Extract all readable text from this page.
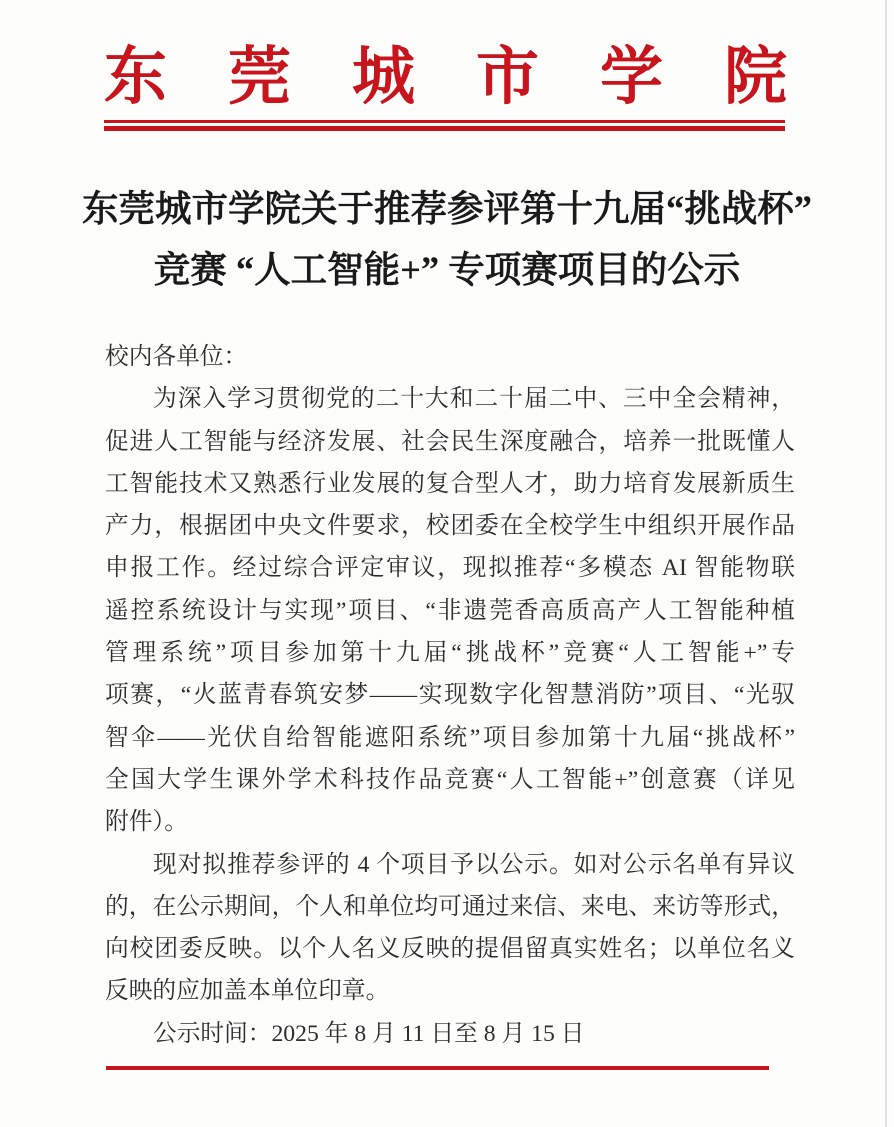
东莞城市学院
东莞城市学院关于推荐参评第十九届“挑战杯”
竞赛 “人工智能+” 专项赛项目的公示
校内各单位：
为深入学习贯彻党的二十大和二十届二中、三中全会精神，
促进人工智能与经济发展、社会民生深度融合，培养一批既懂人
工智能技术又熟悉行业发展的复合型人才，助力培育发展新质生
产力，根据团中央文件要求，校团委在全校学生中组织开展作品
申报工作。经过综合评定审议，现拟推荐“多模态 AI 智能物联
遥控系统设计与实现”项目、“非遗莞香高质高产人工智能种植
管理系统”项目参加第十九届“挑战杯”竞赛“人工智能+”专
项赛，“火蓝青春筑安梦——实现数字化智慧消防”项目、“光驭
智伞——光伏自给智能遮阳系统”项目参加第十九届“挑战杯”
全国大学生课外学术科技作品竞赛“人工智能+”创意赛（详见
附件）。
现对拟推荐参评的 4 个项目予以公示。如对公示名单有异议
的，在公示期间，个人和单位均可通过来信、来电、来访等形式，
向校团委反映。以个人名义反映的提倡留真实姓名；以单位名义
反映的应加盖本单位印章。
公示时间：2025 年 8 月 11 日至 8 月 15 日
